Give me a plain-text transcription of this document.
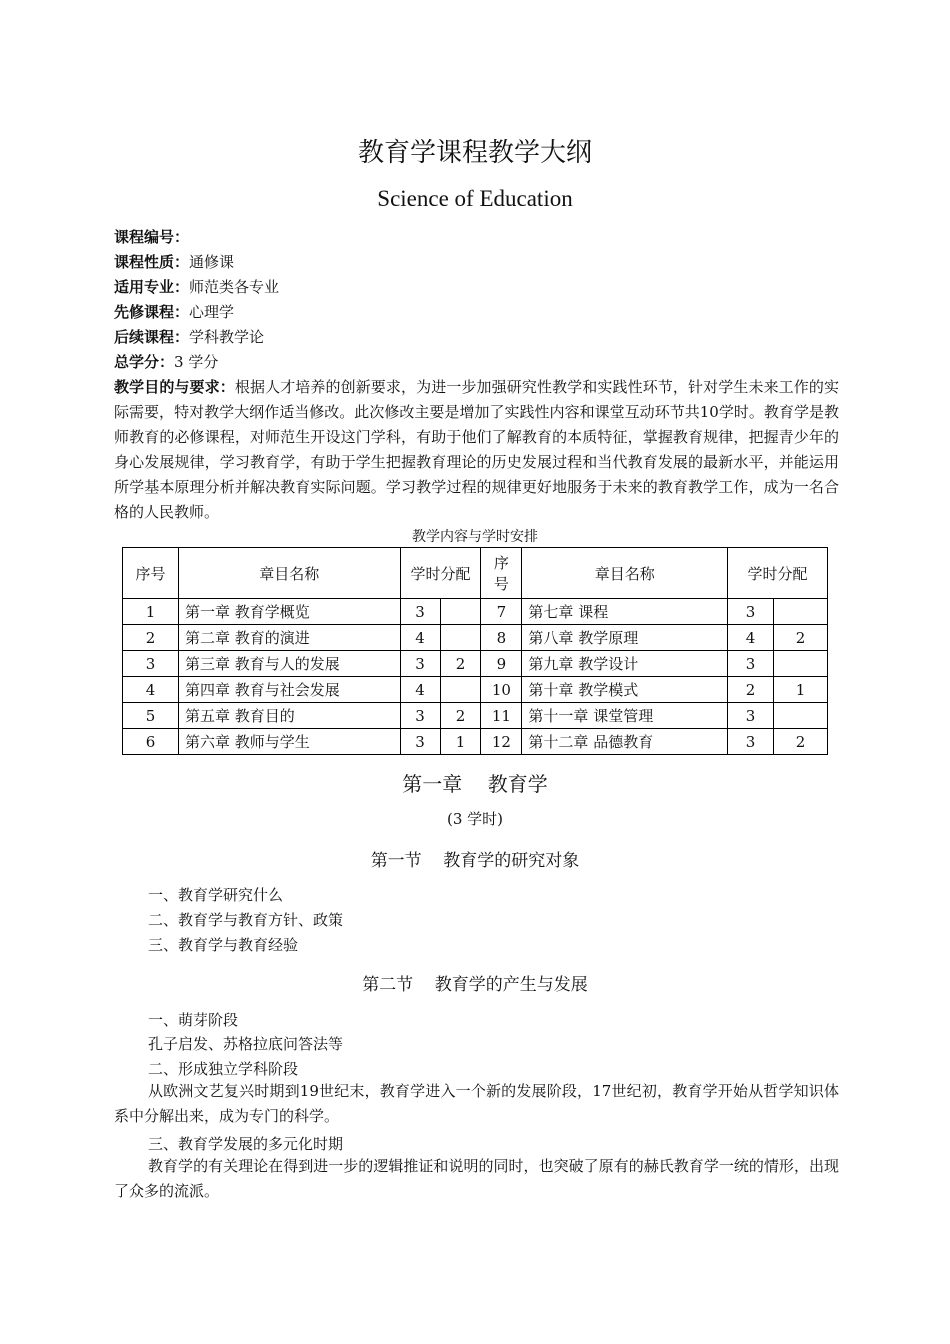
教育学课程教学大纲
Science of Education
课程编号：
课程性质：通修课
适用专业：师范类各专业
先修课程：心理学
后续课程：学科教学论
总学分：3 学分
教学目的与要求：根据人才培养的创新要求，为进一步加强研究性教学和实践性环节，针对学生未来工作的实际需要，特对教学大纲作适当修改。此次修改主要是增加了实践性内容和课堂互动环节共10学时。教育学是教师教育的必修课程，对师范生开设这门学科，有助于他们了解教育的本质特征，掌握教育规律，把握青少年的身心发展规律，学习教育学，有助于学生把握教育理论的历史发展过程和当代教育发展的最新水平，并能运用所学基本原理分析并解决教育实际问题。学习教学过程的规律更好地服务于未来的教育教学工作，成为一名合格的人民教师。
教学内容与学时安排
序号	章目名称	学时分配		序号	章目名称	学时分配	
1	第一章 教育学概览	3		7	第七章 课程	3	
2	第二章 教育的演进	4		8	第八章 教学原理	4	2
3	第三章 教育与人的发展	3	2	9	第九章 教学设计	3	
4	第四章 教育与社会发展	4		10	第十章 教学模式	2	1
5	第五章 教育目的	3	2	11	第十一章 课堂管理	3	
6	第六章 教师与学生	3	1	12	第十二章 品德教育	3	2
第一章    教育学
(3 学时)
第一节    教育学的研究对象
一、教育学研究什么
二、教育学与教育方针、政策
三、教育学与教育经验
第二节    教育学的产生与发展
一、萌芽阶段
孔子启发、苏格拉底问答法等
二、形成独立学科阶段
从欧洲文艺复兴时期到19世纪末，教育学进入一个新的发展阶段，17世纪初，教育学开始从哲学知识体系中分解出来，成为专门的科学。
三、教育学发展的多元化时期
教育学的有关理论在得到进一步的逻辑推证和说明的同时，也突破了原有的赫氏教育学一统的情形，出现了众多的流派。
